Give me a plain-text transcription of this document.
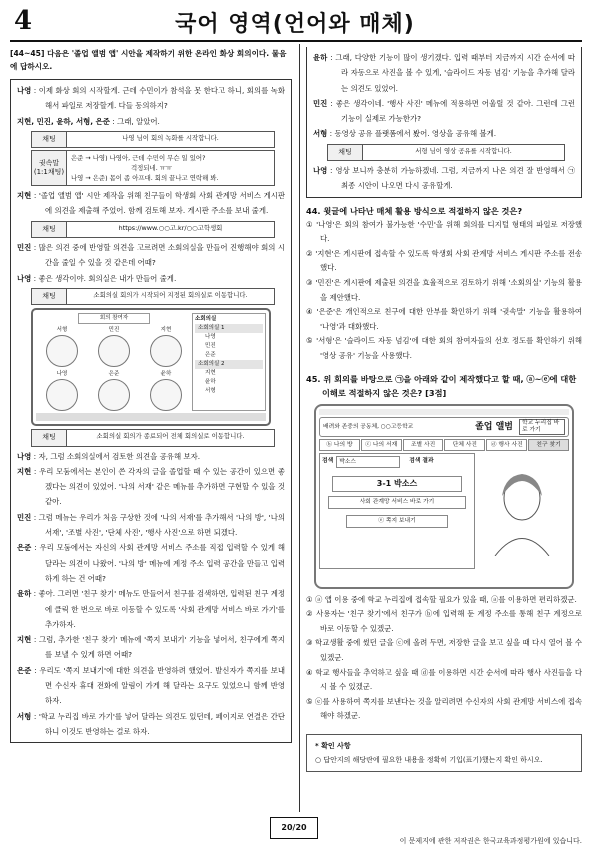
4	국어 영역(언어와 매체)
[44~45] 다음은 '졸업 앨범 앱' 시안을 제작하기 위한 온라인 화상 회의이다. 물음에 답하시오.

나영 : 이제 화상 회의 시작할게. 근데 수민이가 참석을 못 한다고 하니, 회의를 녹화해서 파일로 저장할게. 다들 동의하지?

지현, 민진, 윤하, 서형, 은준 : 그래, 알았어.

채팅	나영 님이 회의 녹화를 시작합니다.
귓속말
(1:1채팅)
은준 → 나영) 나영아, 근데 수민이 무슨 일 있어?
걱정되네. ㅠㅠ
나영 → 은준) 몸이 좀 아프대. 회의 끝나고 연락해 봐.

지현 : '졸업 앨범 앱' 시안 제작을 위해 친구들이 학생회 사회 관계망 서비스 게시판에 의견을 제출해 주었어. 함께 검토해 보자. 게시판 주소를 보내 줄게.

채팅	https://www.○○고.kr/○○고학생회

민진 : 많은 의견 중에 반영할 의견을 고르려면 소회의실을 만들어 진행해야 회의 시간을 줄일 수 있을 것 같은데 어때?

나영 : 좋은 생각이야. 회의실은 내가 만들어 줄게.

채팅	소회의실 회의가 시작되어 지정된 회의실로 이동합니다.
회의 참여자
서형	민진	지현
나영	은준	윤하
소회의실
소회의실 1
나영
민진
은준
소회의실 2
지현
윤하
서형
채팅	소회의실 회의가 종료되어 전체 회의실로 이동합니다.

나영 : 자, 그럼 소회의실에서 검토한 의견을 공유해 보자.

지현 : 우리 모둠에서는 본인이 쓴 각자의 글을 졸업할 때 수 있는 공간이 있으면 좋겠다는 의견이 있었어. '나의 서재' 같은 메뉴를 추가하면 구현할 수 있을 것 같아.

민진 : 그럼 메뉴는 우리가 처음 구상한 것에 '나의 서재'를 추가해서 '나의 방', '나의 서재', '조별 사진', '단체 사진', '행사 사진'으로 하면 되겠다.

은준 : 우리 모둠에서는 자신의 사회 관계망 서비스 주소를 직접 입력할 수 있게 해 달라는 의견이 나왔어. '나의 방' 메뉴에 계정 주소 입력 공간을 만들고 입력하게 하는 건 어때?

윤하 : 좋아. 그러면 '친구 찾기' 메뉴도 만들어서 친구를 검색하면, 입력된 친구 계정에 클릭 한 번으로 바로 이동할 수 있도록 '사회 관계망 서비스 바로 가기'를 추가하자.

지현 : 그럼, 추가한 '친구 찾기' 메뉴에 '쪽지 보내기' 기능을 넣어서, 친구에게 쪽지를 보낼 수 있게 하면 어때?

은준 : 우리도 '쪽지 보내기'에 대한 의견을 반영하려 했었어. 발신자가 쪽지를 보내면 수신자 휴대 전화에 알림이 가게 해 달라는 요구도 있었으니 함께 반영하자.

서형 : '학교 누리집 바로 가기'를 넣어 달라는 의견도 있던데, 페이지로 연결은 간단하니 이것도 반영하는 걸로 하자.

윤하 : 그래, 다양한 기능이 많이 생기겠다. 입력 때부터 지금까지 시간 순서에 따라 자동으로 사진을 볼 수 있게, '슬라이드 자동 넘김' 기능을 추가해 달라는 의견도 있었어.

민진 : 좋은 생각이네. '행사 사진' 메뉴에 적용하면 어울릴 것 같아. 그런데 그런 기능이 실제로 가능한가?

서형 : 동영상 공유 플랫폼에서 봤어. 영상을 공유해 볼게.

채팅	서형 님이 영상 공유를 시작합니다.

나영 : 영상 보니까 충분히 가능하겠네. 그럼, 지금까지 나온 의견 잘 반영해서 ㉠ 최종 시안이 나오면 다시 공유할게.

44. 윗글에 나타난 매체 활용 방식으로 적절하지 않은 것은?
① '나영'은 회의 참여가 불가능한 '수민'을 위해 회의를 디지털 형태의 파일로 저장했다.
② '지현'은 게시판에 접속할 수 있도록 학생회 사회 관계망 서비스 게시판 주소를 전송했다.
③ '민진'은 게시판에 제출된 의견을 효율적으로 검토하기 위해 '소회의실' 기능의 활용을 제안했다.
④ '은준'은 개인적으로 친구에 대한 안부를 확인하기 위해 '귓속말' 기능을 활용하여 '나영'과 대화했다.
⑤ '서형'은 '슬라이드 자동 넘김'에 대한 회의 참여자들의 선호 정도를 확인하기 위해 '영상 공유' 기능을 사용했다.
45. 위 회의를 바탕으로 ㉠을 아래와 같이 제작했다고 할 때, ⓐ~ⓔ에 대한 이해로 적절하지 않은 것은? [3점]
배려와 존중의 공동체, ○○고등학교	졸업 앨범	학교 누리집 바로 가기
ⓑ 나의 방	ⓒ 나의 서재	조별 사진	단체 사진	ⓓ 행사 사진	친구 찾기
검색	박소스	검색 결과
3-1 박소스
사회 관계망 서비스 바로 가기
ⓔ 쪽지 보내기
① ⓐ 앱 이용 중에 학교 누리집에 접속할 필요가 있을 때, ⓐ를 이용하면 편리하겠군.
② 사용자는 '친구 찾기'에서 친구가 ⓑ에 입력해 둔 계정 주소를 통해 친구 계정으로 바로 이동할 수 있겠군.
③ 학교생활 중에 썼던 글을 ⓒ에 올려 두면, 저장한 글을 보고 싶을 때 다시 열어 볼 수 있겠군.
④ 학교 행사들을 추억하고 싶을 때 ⓓ를 이용하면 시간 순서에 따라 행사 사진들을 다시 볼 수 있겠군.
⑤ ⓔ를 사용하여 쪽지를 보낸다는 것을 알리려면 수신자의 사회 관계망 서비스에 접속해야 하겠군.
* 확인 사항
○ 답안지의 해당란에 필요한 내용을 정확히 기입(표기)했는지 확인 하시오.
20/20
이 문제지에 관한 저작권은 한국교육과정평가원에 있습니다.
